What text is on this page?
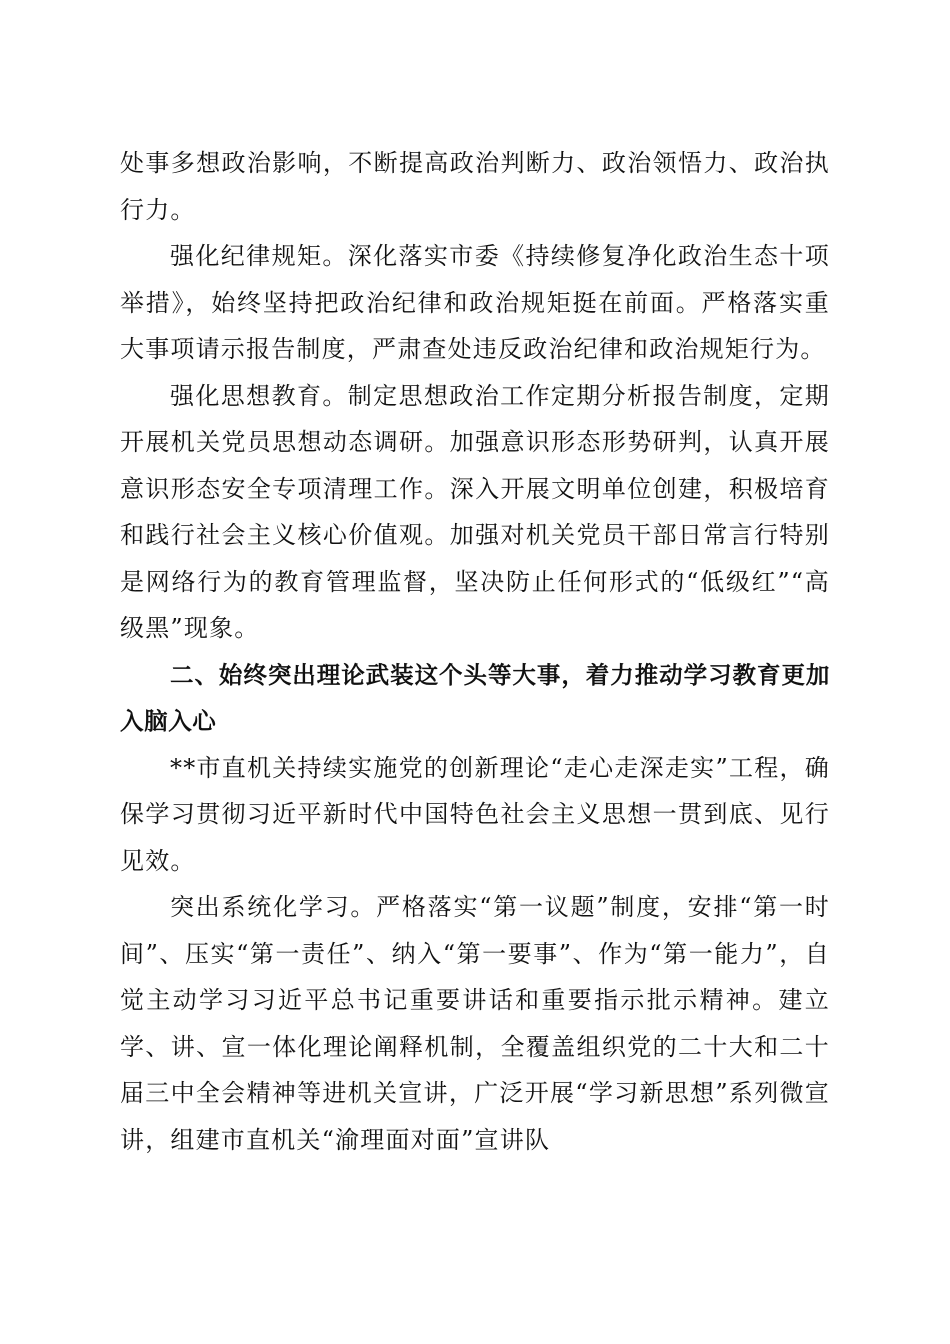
处事多想政治影响，不断提高政治判断力、政治领悟力、政治执行力。

强化纪律规矩。深化落实市委《持续修复净化政治生态十项举措》，始终坚持把政治纪律和政治规矩挺在前面。严格落实重大事项请示报告制度，严肃查处违反政治纪律和政治规矩行为。

强化思想教育。制定思想政治工作定期分析报告制度，定期开展机关党员思想动态调研。加强意识形态形势研判，认真开展意识形态安全专项清理工作。深入开展文明单位创建，积极培育和践行社会主义核心价值观。加强对机关党员干部日常言行特别是网络行为的教育管理监督，坚决防止任何形式的“低级红”“高级黑”现象。

二、始终突出理论武装这个头等大事，着力推动学习教育更加入脑入心

**市直机关持续实施党的创新理论“走心走深走实”工程，确保学习贯彻习近平新时代中国特色社会主义思想一贯到底、见行见效。

突出系统化学习。严格落实“第一议题”制度，安排“第一时间”、压实“第一责任”、纳入“第一要事”、作为“第一能力”，自觉主动学习习近平总书记重要讲话和重要指示批示精神。建立学、讲、宣一体化理论阐释机制，全覆盖组织党的二十大和二十届三中全会精神等进机关宣讲，广泛开展“学习新思想”系列微宣讲，组建市直机关“渝理面对面”宣讲队
